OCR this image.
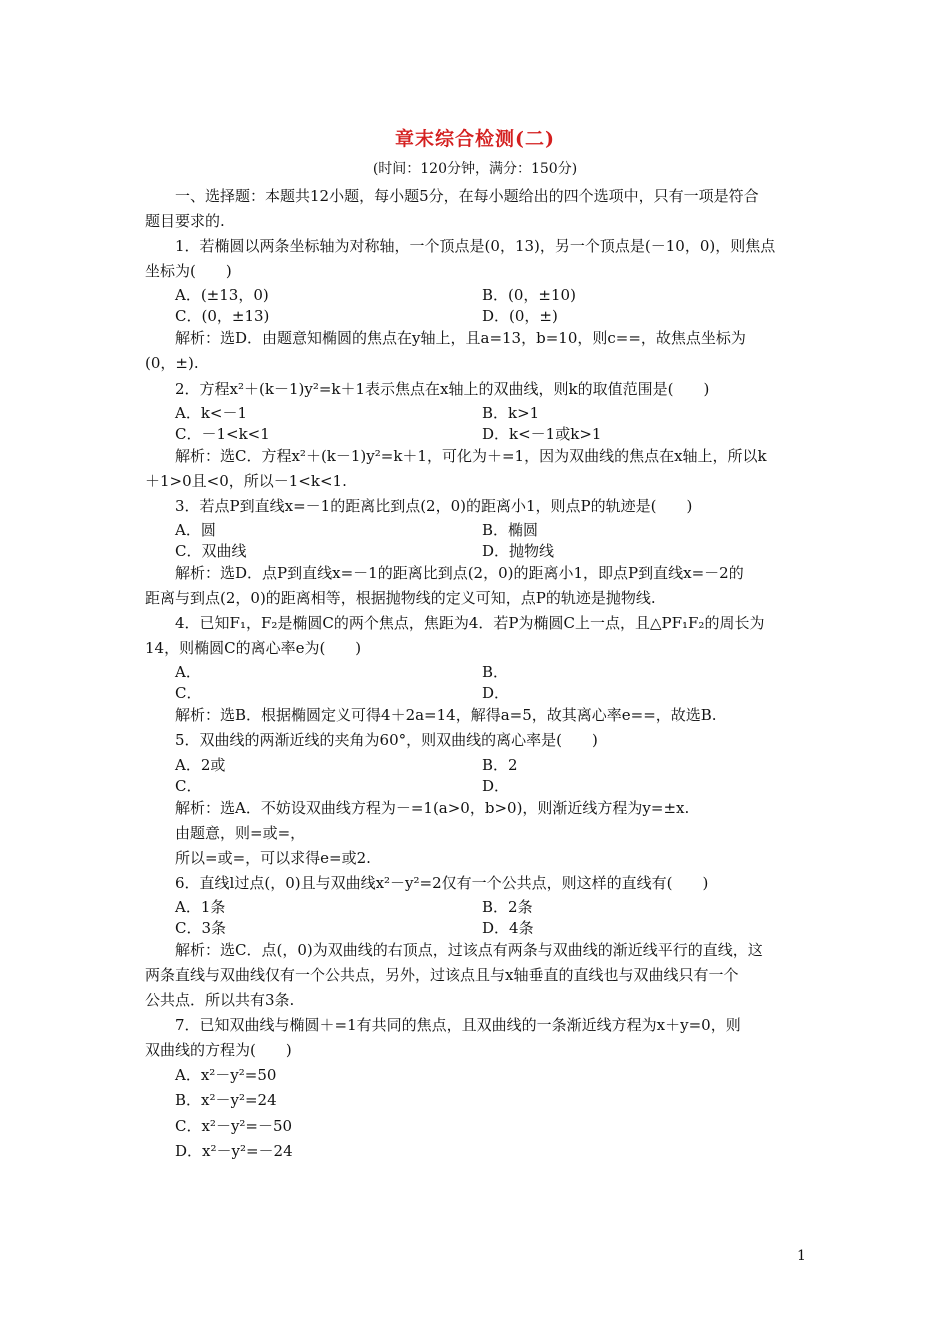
章末综合检测(二)
(时间：120分钟，满分：150分)
一、选择题：本题共12小题，每小题5分，在每小题给出的四个选项中，只有一项是符合
题目要求的.
1．若椭圆以两条坐标轴为对称轴，一个顶点是(0，13)，另一个顶点是(－10，0)，则焦点
坐标为(　　)
A．(±13，0)	B．(0，±10)
C．(0，±13)	D．(0，±)
解析：选D．由题意知椭圆的焦点在y轴上，且a=13，b=10，则c==，故焦点坐标为
(0，±).
2．方程x²＋(k－1)y²=k＋1表示焦点在x轴上的双曲线，则k的取值范围是(　　)
A．k<－1	B．k>1
C．－1<k<1	D．k<－1或k>1
解析：选C．方程x²＋(k－1)y²=k＋1，可化为＋=1，因为双曲线的焦点在x轴上，所以k
＋1>0且<0，所以－1<k<1.
3．若点P到直线x=－1的距离比到点(2，0)的距离小1，则点P的轨迹是(　　)
A．圆	B．椭圆
C．双曲线	D．抛物线
解析：选D．点P到直线x=－1的距离比到点(2，0)的距离小1，即点P到直线x=－2的
距离与到点(2，0)的距离相等，根据抛物线的定义可知，点P的轨迹是抛物线.
4．已知F₁，F₂是椭圆C的两个焦点，焦距为4．若P为椭圆C上一点，且△PF₁F₂的周长为
14，则椭圆C的离心率e为(　　)
A．	B．
C．	D．
解析：选B．根据椭圆定义可得4＋2a=14，解得a=5，故其离心率e==，故选B.
5．双曲线的两渐近线的夹角为60°，则双曲线的离心率是(　　)
A．2或	B．2
C．	D．
解析：选A．不妨设双曲线方程为－=1(a>0，b>0)，则渐近线方程为y=±x.
由题意，则=或=，
所以=或=，可以求得e=或2.
6．直线l过点(，0)且与双曲线x²－y²=2仅有一个公共点，则这样的直线有(　　)
A．1条	B．2条
C．3条	D．4条
解析：选C．点(，0)为双曲线的右顶点，过该点有两条与双曲线的渐近线平行的直线，这
两条直线与双曲线仅有一个公共点，另外，过该点且与x轴垂直的直线也与双曲线只有一个
公共点．所以共有3条.
7．已知双曲线与椭圆＋=1有共同的焦点，且双曲线的一条渐近线方程为x＋y=0，则
双曲线的方程为(　　)
A．x²－y²=50
B．x²－y²=24
C．x²－y²=－50
D．x²－y²=－24
1
